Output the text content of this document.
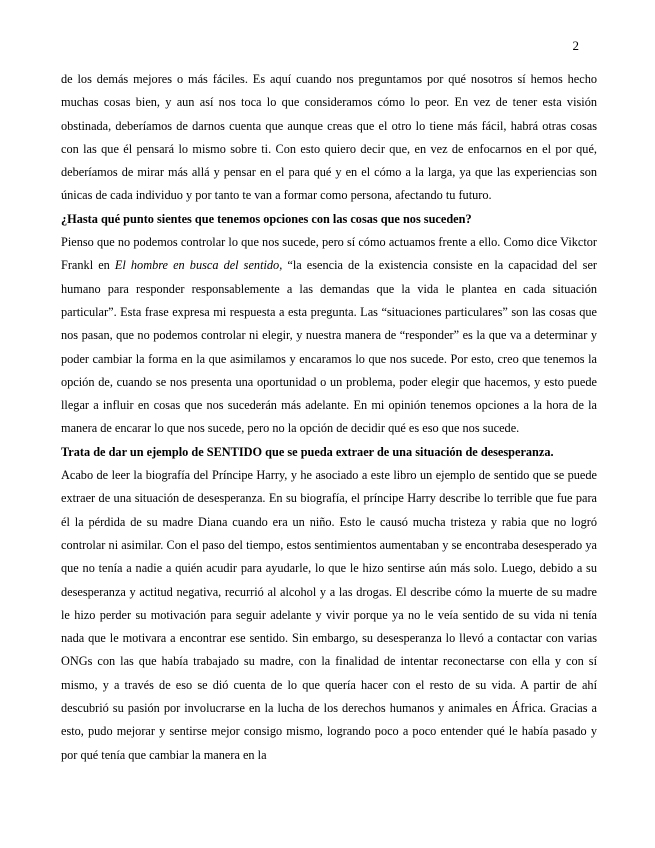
2

de los demás mejores o más fáciles. Es aquí cuando nos preguntamos por qué nosotros sí hemos hecho muchas cosas bien, y aun así nos toca lo que consideramos cómo lo peor. En vez de tener esta visión obstinada, deberíamos de darnos cuenta que aunque creas que el otro lo tiene más fácil, habrá otras cosas con las que él pensará lo mismo sobre ti. Con esto quiero decir que, en vez de enfocarnos en el por qué, deberíamos de mirar más allá y pensar en el para qué y en el cómo a la larga, ya que las experiencias son únicas de cada individuo y por tanto te van a formar como persona, afectando tu futuro.

¿Hasta qué punto sientes que tenemos opciones con las cosas que nos suceden?

Pienso que no podemos controlar lo que nos sucede, pero sí cómo actuamos frente a ello. Como dice Vikctor Frankl en El hombre en busca del sentido, “la esencia de la existencia consiste en la capacidad del ser humano para responder responsablemente a las demandas que la vida le plantea en cada situación particular”. Esta frase expresa mi respuesta a esta pregunta. Las “situaciones particulares” son las cosas que nos pasan, que no podemos controlar ni elegir, y nuestra manera de “responder” es la que va a determinar y poder cambiar la forma en la que asimilamos y encaramos lo que nos sucede. Por esto, creo que tenemos la opción de, cuando se nos presenta una oportunidad o un problema, poder elegir que hacemos, y esto puede llegar a influir en cosas que nos sucederán más adelante. En mi opinión tenemos opciones a la hora de la manera de encarar lo que nos sucede, pero no la opción de decidir qué es eso que nos sucede.

Trata de dar un ejemplo de SENTIDO que se pueda extraer de una situación de desesperanza.

Acabo de leer la biografía del Príncipe Harry, y he asociado a este libro un ejemplo de sentido que se puede extraer de una situación de desesperanza. En su biografía, el príncipe Harry describe lo terrible que fue para él la pérdida de su madre Diana cuando era un niño. Esto le causó mucha tristeza y rabia que no logró controlar ni asimilar. Con el paso del tiempo, estos sentimientos aumentaban y se encontraba desesperado ya que no tenía a nadie a quién acudir para ayudarle, lo que le hizo sentirse aún más solo. Luego, debido a su desesperanza y actitud negativa, recurrió al alcohol y a las drogas. El describe cómo la muerte de su madre le hizo perder su motivación para seguir adelante y vivir porque ya no le veía sentido de su vida ni tenía nada que le motivara a encontrar ese sentido. Sin embargo, su desesperanza lo llevó a contactar con varias ONGs con las que había trabajado su madre, con la finalidad de intentar reconectarse con ella y con sí mismo, y a través de eso se dió cuenta de lo que quería hacer con el resto de su vida. A partir de ahí descubrió su pasión por involucrarse en la lucha de los derechos humanos y animales en África. Gracias a esto, pudo mejorar y sentirse mejor consigo mismo, logrando poco a poco entender qué le había pasado y por qué tenía que cambiar la manera en la
